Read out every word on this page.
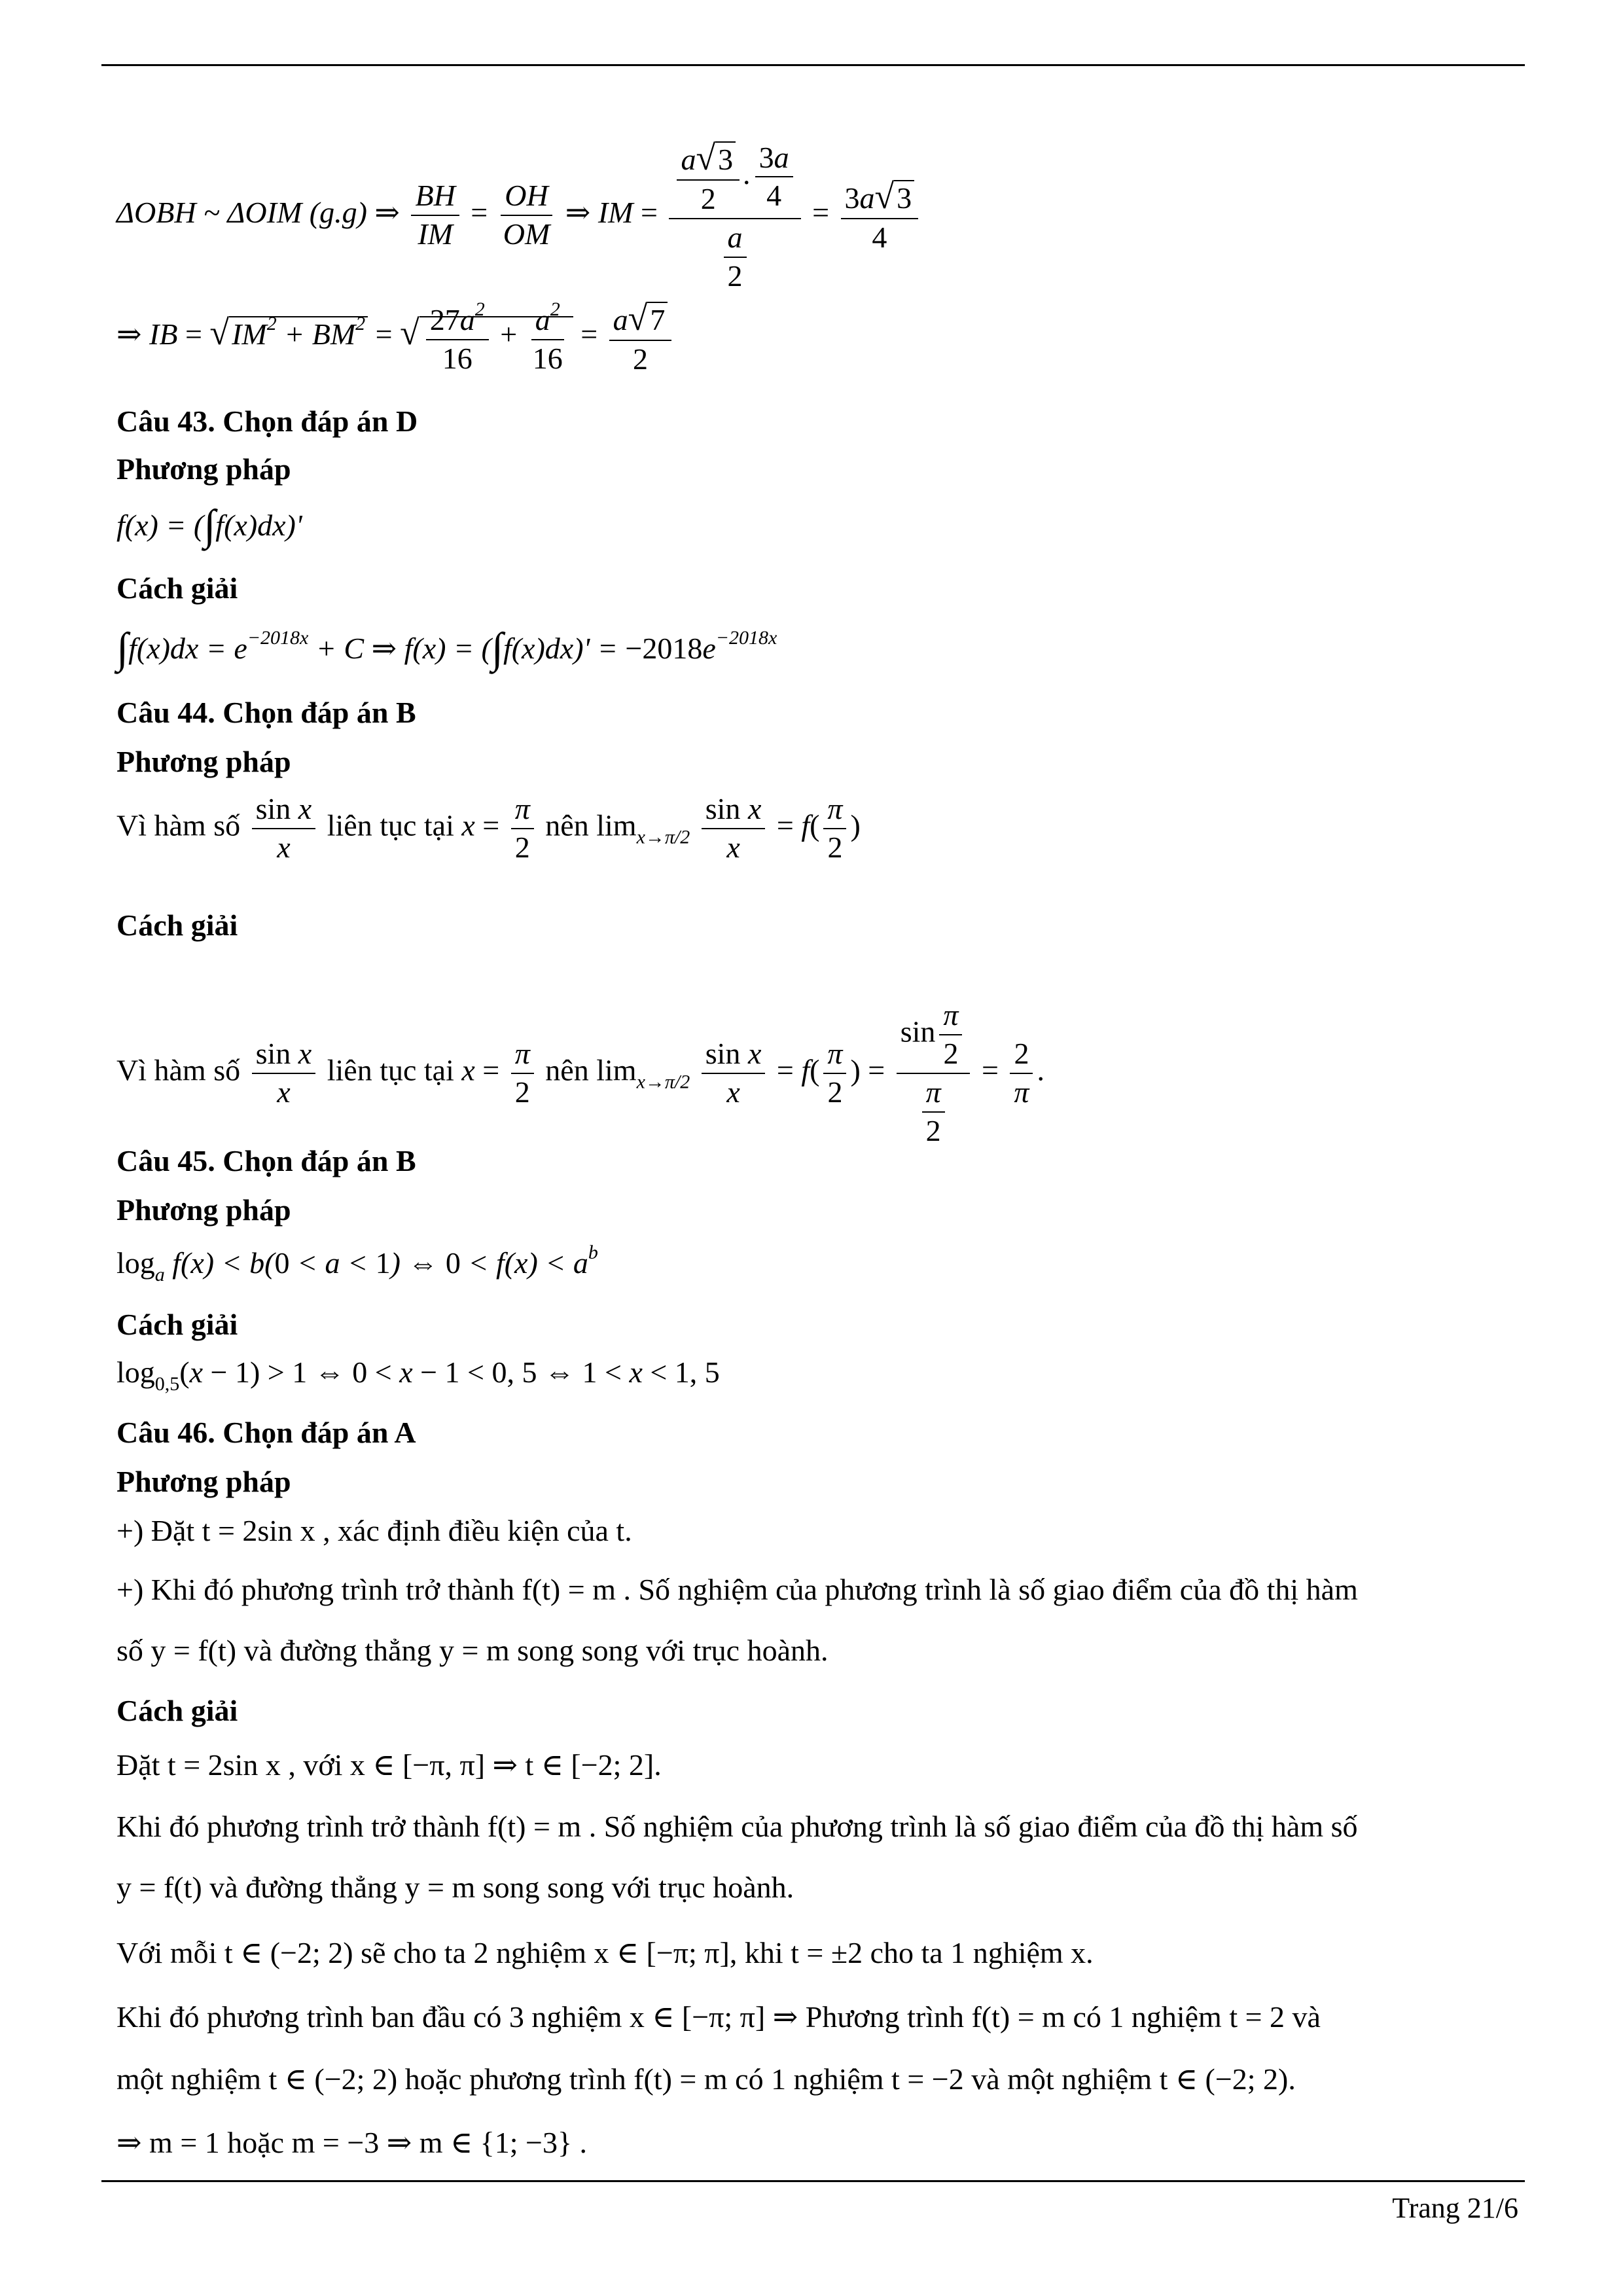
ΔOBH ~ ΔOIM (g.g) ⇒ $\frac{BH}{IM} = \frac{OH}{OM}$ ⇒ IM = $\frac{\frac{a√3}{2} . \frac{3a}{4}}{\frac{a}{2}} = \frac{3a√3}{4}$
⇒ IB = $√IM^2 + BM^2$ = √ $\frac{27a^2}{16} + \frac{a^2}{16} = \frac{a√7}{2}$
Câu 43. Chọn đáp án D
Phương pháp
f(x) = (∫f(x)dx)'
Cách giải
$\int f(x)dx = e^{-2018x} + C$ ⇒ $f(x) = (\int f(x)dx)' = -2018e^{-2018x}$
Câu 44. Chọn đáp án B
Phương pháp
Vì hàm số $\frac{\text{sin x}}{x}$ liên tục tại $x = \frac{\pi}{2}$ nên $\lim_{x\to\pi/2} \frac{\text{sin x}}{x} = f( \frac{\pi}{2}$ )
Cách giải
Vì hàm số $\frac{\text{sin x}}{x}$ liên tục tại $x = \frac{\pi}{2}$ nên $\lim_{x\to\pi/2} \frac{\text{sin x}}{x} = f( \frac{\pi}{2}$ ) = $\frac{\sin \frac{\pi}{2}}{\frac{\pi}{2}} = \frac{2}{\pi}$ .
Câu 45. Chọn đáp án B
Phương pháp
$\log_a f(x) < b(0 < a < 1)$ ⇔ $0 < f(x) < a^b$
Cách giải
$\log_{0,5}(x - 1) > 1$ ⇔ 0 < x − 1 < 0, 5 ⇔ 1 < x < 1, 5
Câu 46. Chọn đáp án A
Phương pháp
+) Đặt t = 2sin x , xác định điều kiện của t.
+) Khi đó phương trình trở thành f(t) = m . Số nghiệm của phương trình là số giao điểm của đồ thị hàm
số y = f(t) và đường thẳng y = m song song với trục hoành.
Cách giải
Đặt t = 2sin x , với x ∈ [−π, π] ⇒ t ∈ [−2; 2].
Khi đó phương trình trở thành f(t) = m . Số nghiệm của phương trình là số giao điểm của đồ thị hàm số
y = f(t) và đường thẳng y = m song song với trục hoành.
Với mỗi t ∈ (−2; 2) sẽ cho ta 2 nghiệm x ∈ [−π; π], khi t = ±2 cho ta 1 nghiệm x.
Khi đó phương trình ban đầu có 3 nghiệm x ∈ [−π; π] ⇒ Phương trình f(t) = m có 1 nghiệm t = 2 và
một nghiệm t ∈ (−2; 2) hoặc phương trình f(t) = m có 1 nghiệm t = −2 và một nghiệm t ∈ (−2; 2).
⇒ m = 1 hoặc m = −3 ⇒ m ∈ {1; −3} .
Trang 21/6
